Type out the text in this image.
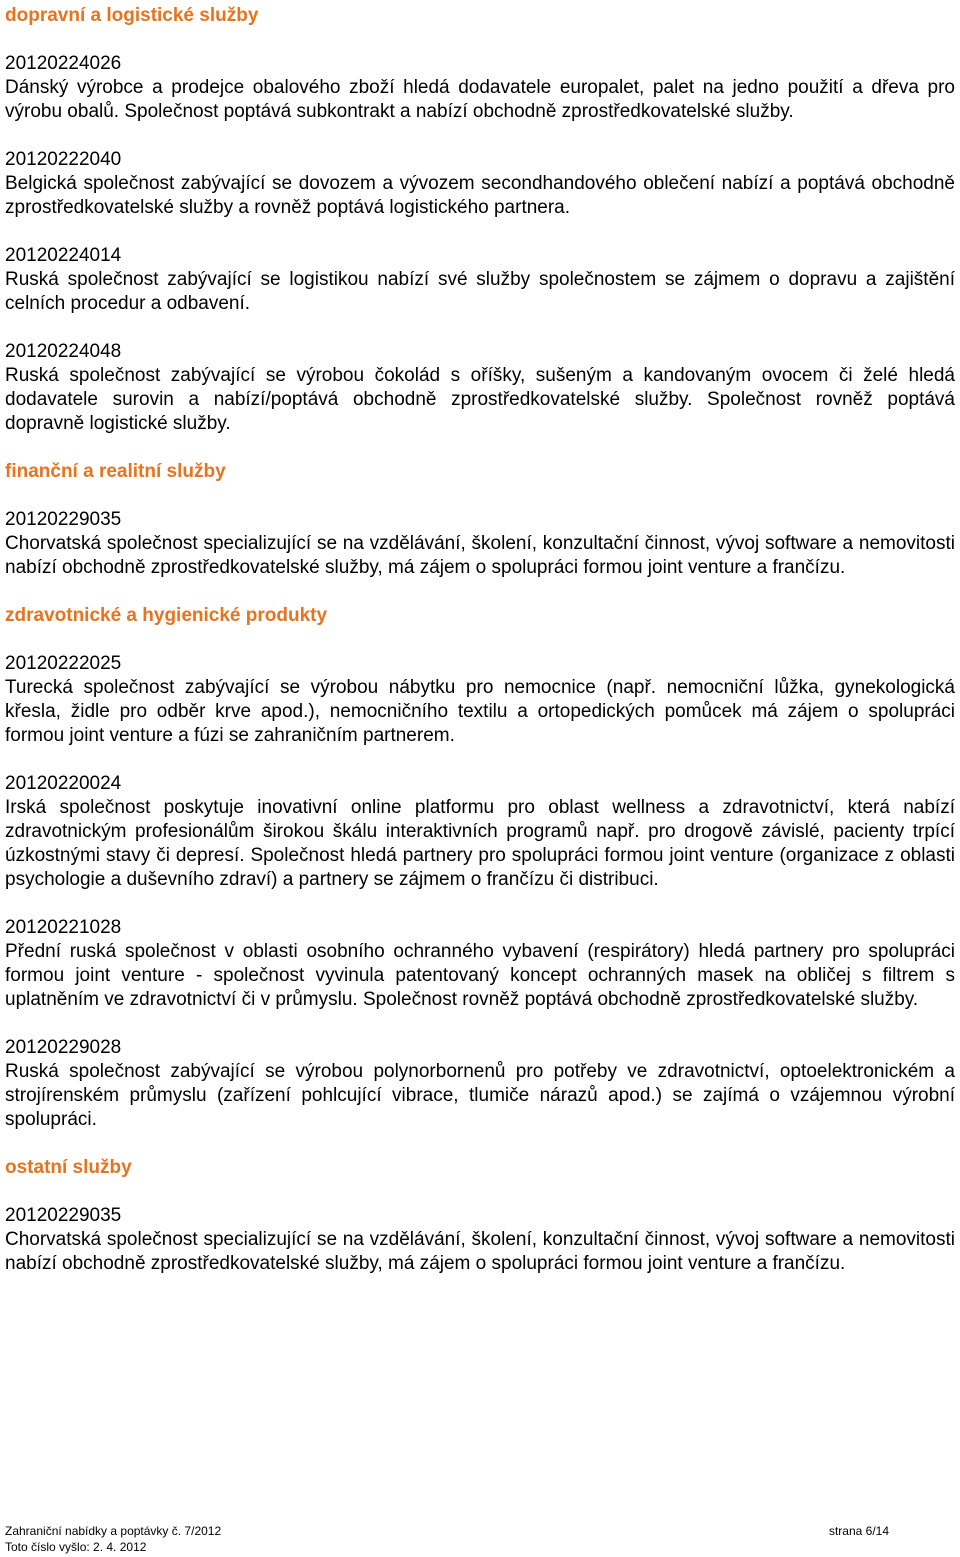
dopravní a logistické služby
20120224026
Dánský výrobce a prodejce obalového zboží hledá dodavatele europalet, palet na jedno použití a dřeva pro výrobu obalů. Společnost poptává subkontrakt a nabízí obchodně zprostředkovatelské služby.
20120222040
Belgická společnost zabývající se dovozem a vývozem secondhandového oblečení nabízí a poptává obchodně zprostředkovatelské služby a rovněž poptává logistického partnera.
20120224014
Ruská společnost zabývající se logistikou nabízí své služby společnostem se zájmem o dopravu a zajištění celních procedur a odbavení.
20120224048
Ruská společnost zabývající se výrobou čokolád s oříšky, sušeným a kandovaným ovocem či želé hledá dodavatele surovin a nabízí/poptává obchodně zprostředkovatelské služby. Společnost rovněž poptává dopravně logistické služby.
finanční a realitní služby
20120229035
Chorvatská společnost specializující se na vzdělávání, školení, konzultační činnost, vývoj software a nemovitosti nabízí obchodně zprostředkovatelské služby, má zájem o spolupráci formou joint venture a frančízu.
zdravotnické a hygienické produkty
20120222025
Turecká společnost zabývající se výrobou nábytku pro nemocnice (např. nemocniční lůžka, gynekologická křesla, židle pro odběr krve apod.), nemocničního textilu a ortopedických pomůcek má zájem o spolupráci formou joint venture a fúzi se zahraničním partnerem.
20120220024
Irská společnost poskytuje inovativní online platformu pro oblast wellness a zdravotnictví, která nabízí zdravotnickým profesionálům širokou škálu interaktivních programů např. pro drogově závislé, pacienty trpící úzkostnými stavy či depresí. Společnost hledá partnery pro spolupráci formou joint venture (organizace z oblasti psychologie a duševního zdraví) a partnery se zájmem o frančízu či distribuci.
20120221028
Přední ruská společnost v oblasti osobního ochranného vybavení (respirátory) hledá partnery pro spolupráci formou joint venture - společnost vyvinula patentovaný koncept ochranných masek na obličej s filtrem s uplatněním ve zdravotnictví či v průmyslu. Společnost rovněž poptává obchodně zprostředkovatelské služby.
20120229028
Ruská společnost zabývající se výrobou polynorbornenů pro potřeby ve zdravotnictví, optoelektronickém a strojírenském průmyslu (zařízení pohlcující vibrace, tlumiče nárazů apod.) se zajímá o vzájemnou výrobní spolupráci.
ostatní služby
20120229035
Chorvatská společnost specializující se na vzdělávání, školení, konzultační činnost, vývoj software a nemovitosti nabízí obchodně zprostředkovatelské služby, má zájem o spolupráci formou joint venture a frančízu.
Zahraniční nabídky a poptávky č. 7/2012	strana 6/14
Toto číslo vyšlo: 2. 4. 2012
